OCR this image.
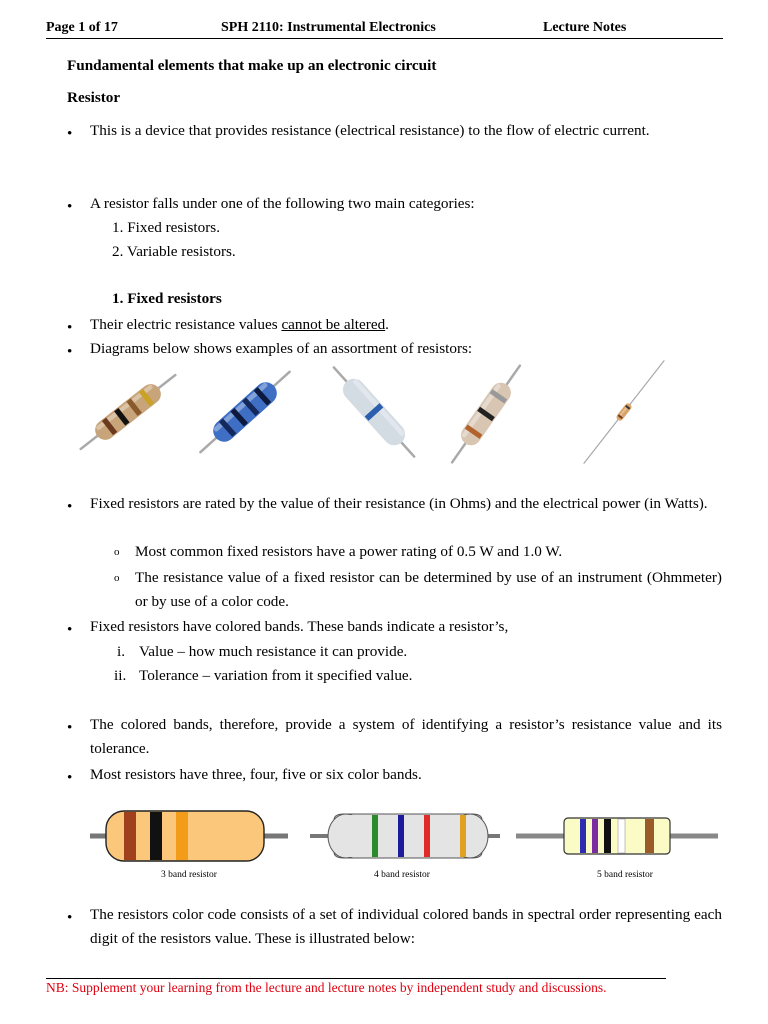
Page 1 of 17	SPH 2110: Instrumental Electronics	Lecture Notes
Fundamental elements that make up an electronic circuit
Resistor
• This is a device that provides resistance (electrical resistance) to the flow of electric current.
• A resistor falls under one of the following two main categories:
1. Fixed resistors.
2. Variable resistors.
1. Fixed resistors
• Their electric resistance values cannot be altered.
• Diagrams below shows examples of an assortment of resistors:
• Fixed resistors are rated by the value of their resistance (in Ohms) and the electrical power (in Watts).
o Most common fixed resistors have a power rating of 0.5 W and 1.0 W.
o The resistance value of a fixed resistor can be determined by use of an instrument (Ohmmeter) or by use of a color code.
• Fixed resistors have colored bands. These bands indicate a resistor’s,
i. Value – how much resistance it can provide.
ii. Tolerance – variation from it specified value.
• The colored bands, therefore, provide a system of identifying a resistor’s resistance value and its tolerance.
• Most resistors have three, four, five or six color bands.
3 band resistor	4 band resistor	5 band resistor
• The resistors color code consists of a set of individual colored bands in spectral order representing each digit of the resistors value. These is illustrated below:
NB: Supplement your learning from the lecture and lecture notes by independent study and discussions.
